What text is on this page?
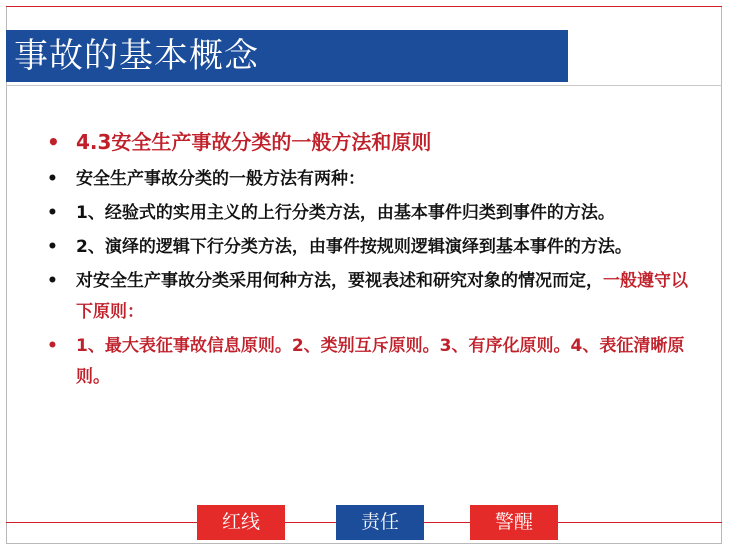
事故的基本概念
• 4.3安全生产事故分类的一般方法和原则
• 安全生产事故分类的一般方法有两种：
• 1、经验式的实用主义的上行分类方法，由基本事件归类到事件的方法。
• 2、演绎的逻辑下行分类方法，由事件按规则逻辑演绎到基本事件的方法。
• 对安全生产事故分类采用何种方法，要视表述和研究对象的情况而定，一般遵守以下原则：
• 1、最大表征事故信息原则。2、类别互斥原则。3、有序化原则。4、表征清晰原则。
红线	责任	警醒
